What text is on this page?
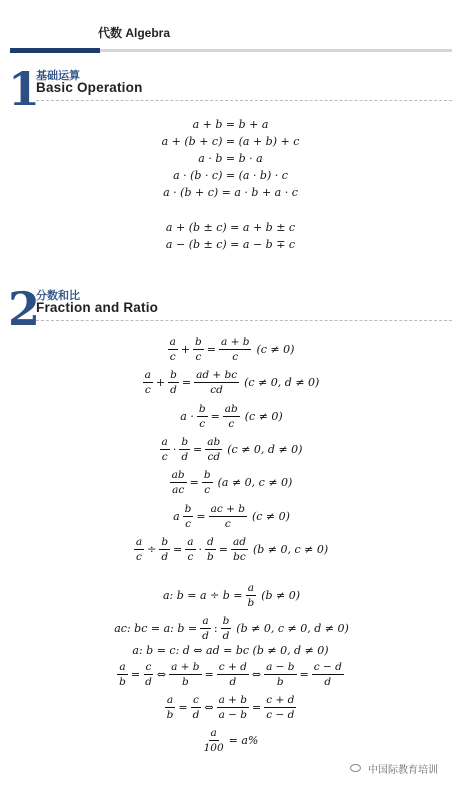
代数 Algebra
1
基础运算
Basic Operation
a + b = b + a
a + (b + c) = (a + b) + c
a · b = b · a
a · (b · c) = (a · b) · c
a · (b + c) = a · b + a · c
a + (b ± c) = a + b ± c
a − (b ± c) = a − b ∓ c
2
分数和比
Fraction and Ratio
$\frac{a}{c} + \frac{b}{c} = \frac{a + b}{c} (c \ne 0)$
$\frac{a}{c} + \frac{b}{d} = \frac{ad + bc}{cd} (c \ne 0$, d ≠ 0)
$a \cdot \frac{b}{c} = \frac{ab}{c} (c \ne 0)$
$\frac{a}{c} \cdot \frac{b}{d} = \frac{ab}{cd} (c \ne 0$, d ≠ 0)
$\frac{ab}{ac} = \frac{b}{c} (a \ne 0$, c ≠ 0)
a $\frac{b}{c} = \frac{ac + b}{c} (c \ne 0)$
$\frac{a}{c} \div \frac{b}{d} = \frac{a}{c} \cdot \frac{d}{b} = \frac{ad}{bc} (b \ne 0$, c ≠ 0)
a: $b = a \div b = \frac{a}{b} (b \ne 0)$
ac: bc = a: $b = \frac{a}{d}$ : $\frac{b}{d} (b \ne 0$, c ≠ 0, d ≠ 0)
a: b = c: d ⇔ ad = bc (b ≠ 0, d ≠ 0)
$\frac{a}{b} = \frac{c}{d}$ ⇔ $\frac{a + b}{b} = \frac{c + d}{d}$ ⇔ $\frac{a - b}{b} = \frac{c - d}{d}$
$\frac{a}{b} = \frac{c}{d}$ ⇔ $\frac{a + b}{a - b} = \frac{c + d}{c - d}$
$\frac{a}{100} = a\%$
中国际教育培训
